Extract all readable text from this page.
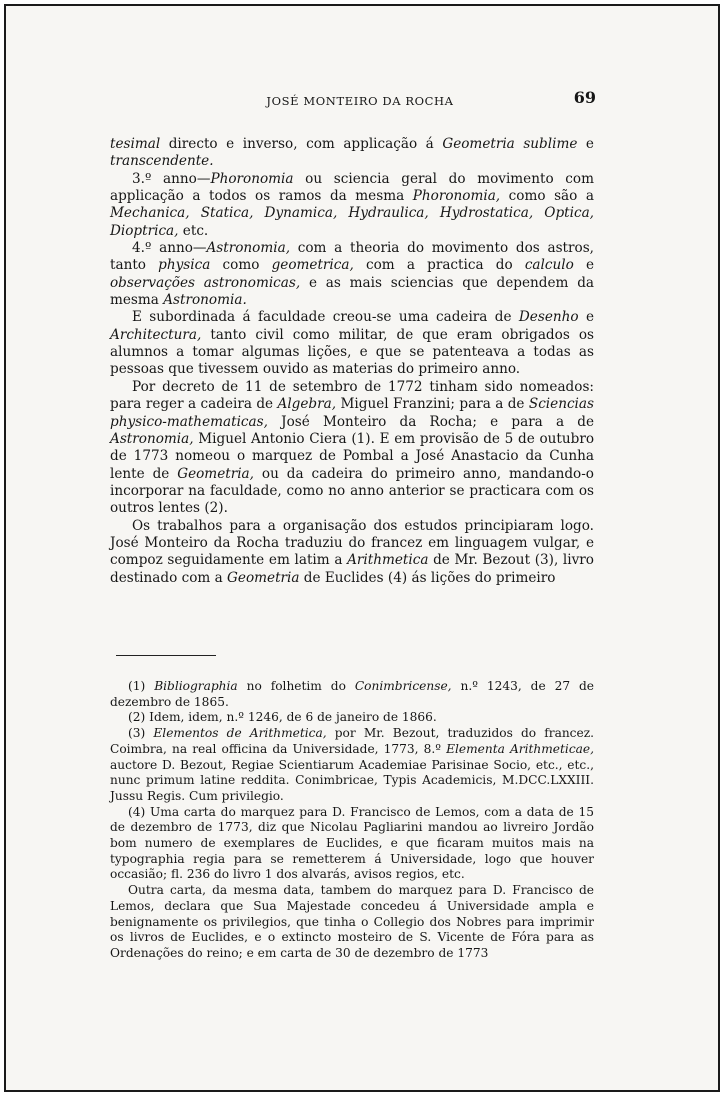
JOSÉ MONTEIRO DA ROCHA	69

tesimal directo e inverso, com applicação á Geometria sublime e transcendente.

3.º anno—Phoronomia ou sciencia geral do movimento com applicação a todos os ramos da mesma Phoronomia, como são a Mechanica, Statica, Dynamica, Hydraulica, Hydrostatica, Optica, Dioptrica, etc.

4.º anno—Astronomia, com a theoria do movimento dos astros, tanto physica como geometrica, com a practica do calculo e observações astronomicas, e as mais sciencias que dependem da mesma Astronomia.

E subordinada á faculdade creou-se uma cadeira de Desenho e Architectura, tanto civil como militar, de que eram obrigados os alumnos a tomar algumas lições, e que se patenteava a todas as pessoas que tivessem ouvido as materias do primeiro anno.

Por decreto de 11 de setembro de 1772 tinham sido nomeados: para reger a cadeira de Algebra, Miguel Franzini; para a de Sciencias physico-mathematicas, José Monteiro da Rocha; e para a de Astronomia, Miguel Antonio Ciera (1). E em provisão de 5 de outubro de 1773 nomeou o marquez de Pombal a José Anastacio da Cunha lente de Geometria, ou da cadeira do primeiro anno, mandando-o incorporar na faculdade, como no anno anterior se practicara com os outros lentes (2).

Os trabalhos para a organisação dos estudos principiaram logo. José Monteiro da Rocha traduziu do francez em linguagem vulgar, e compoz seguidamente em latim a Arithmetica de Mr. Bezout (3), livro destinado com a Geometria de Euclides (4) ás lições do primeiro

(1) Bibliographia no folhetim do Conimbricense, n.º 1243, de 27 de dezembro de 1865.

(2) Idem, idem, n.º 1246, de 6 de janeiro de 1866.

(3) Elementos de Arithmetica, por Mr. Bezout, traduzidos do francez. Coimbra, na real officina da Universidade, 1773, 8.º Elementa Arithmeticae, auctore D. Bezout, Regiae Scientiarum Academiae Parisinae Socio, etc., etc., nunc primum latine reddita. Conimbricae, Typis Academicis, M.DCC.LXXIII. Jussu Regis. Cum privilegio.

(4) Uma carta do marquez para D. Francisco de Lemos, com a data de 15 de dezembro de 1773, diz que Nicolau Pagliarini mandou ao livreiro Jordão bom numero de exemplares de Euclides, e que ficaram muitos mais na typographia regia para se remetterem á Universidade, logo que houver occasião; fl. 236 do livro 1 dos alvarás, avisos regios, etc.

Outra carta, da mesma data, tambem do marquez para D. Francisco de Lemos, declara que Sua Majestade concedeu á Universidade ampla e benignamente os privilegios, que tinha o Collegio dos Nobres para imprimir os livros de Euclides, e o extincto mosteiro de S. Vicente de Fóra para as Ordenações do reino; e em carta de 30 de dezembro de 1773
